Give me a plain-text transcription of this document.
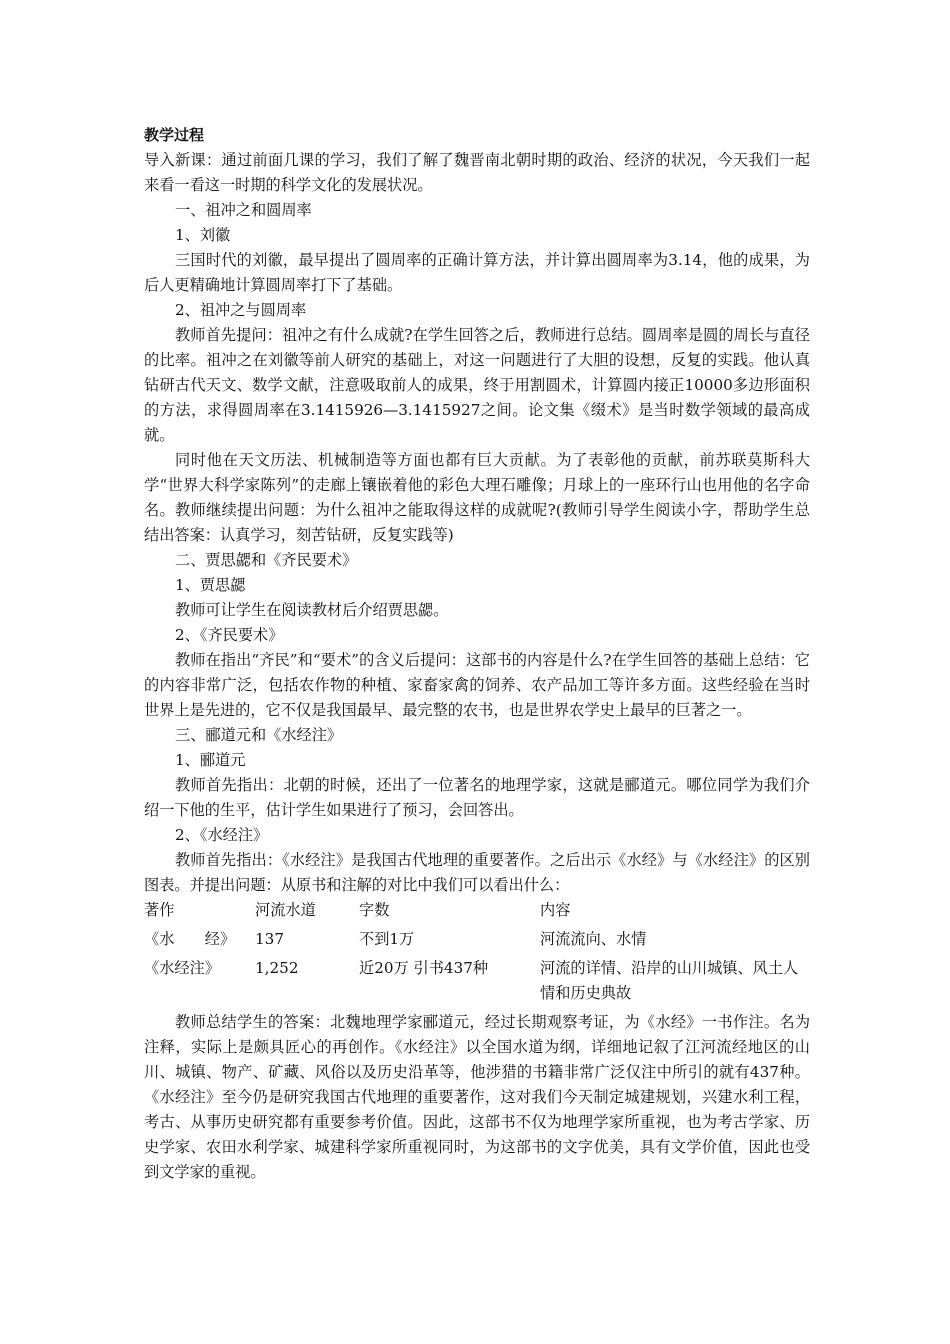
教学过程

导入新课：通过前面几课的学习，我们了解了魏晋南北朝时期的政治、经济的状况，今天我们一起来看一看这一时期的科学文化的发展状况。

一、祖冲之和圆周率

1、刘徽

三国时代的刘徽，最早提出了圆周率的正确计算方法，并计算出圆周率为3.14，他的成果，为后人更精确地计算圆周率打下了基础。

2、祖冲之与圆周率

教师首先提问：祖冲之有什么成就?在学生回答之后，教师进行总结。圆周率是圆的周长与直径的比率。祖冲之在刘徽等前人研究的基础上，对这一问题进行了大胆的设想，反复的实践。他认真钻研古代天文、数学文献，注意吸取前人的成果，终于用割圆术，计算圆内接正10000多边形面积的方法，求得圆周率在3.1415926—3.1415927之间。论文集《缀术》是当时数学领域的最高成就。

同时他在天文历法、机械制造等方面也都有巨大贡献。为了表彰他的贡献，前苏联莫斯科大学“世界大科学家陈列”的走廊上镶嵌着他的彩色大理石雕像；月球上的一座环行山也用他的名字命名。教师继续提出问题：为什么祖冲之能取得这样的成就呢?(教师引导学生阅读小字，帮助学生总结出答案：认真学习，刻苦钻研，反复实践等)

二、贾思勰和《齐民要术》

1、贾思勰

教师可让学生在阅读教材后介绍贾思勰。

2、《齐民要术》

教师在指出“齐民”和“要术”的含义后提问：这部书的内容是什么?在学生回答的基础上总结：它的内容非常广泛，包括农作物的种植、家畜家禽的饲养、农产品加工等许多方面。这些经验在当时世界上是先进的，它不仅是我国最早、最完整的农书，也是世界农学史上最早的巨著之一。

三、郦道元和《水经注》

1、郦道元

教师首先指出：北朝的时候，还出了一位著名的地理学家，这就是郦道元。哪位同学为我们介绍一下他的生平，估计学生如果进行了预习，会回答出。

2、《水经注》

教师首先指出：《水经注》是我国古代地理的重要著作。之后出示《水经》与《水经注》的区别图表。并提出问题：从原书和注解的对比中我们可以看出什么：

著作	河流水道	字数	内容
《水　　经》	137	不到1万	河流流向、水情
《水经注》	1,252	近20万 引书437种	河流的详情、沿岸的山川城镇、风土人情和历史典故

教师总结学生的答案：北魏地理学家郦道元，经过长期观察考证，为《水经》一书作注。名为注释，实际上是颇具匠心的再创作。《水经注》以全国水道为纲，详细地记叙了江河流经地区的山川、城镇、物产、矿藏、风俗以及历史沿革等，他涉猎的书籍非常广泛仅注中所引的就有437种。《水经注》至今仍是研究我国古代地理的重要著作，这对我们今天制定城建规划，兴建水利工程，考古、从事历史研究都有重要参考价值。因此，这部书不仅为地理学家所重视，也为考古学家、历史学家、农田水利学家、城建科学家所重视同时，为这部书的文字优美，具有文学价值，因此也受到文学家的重视。
